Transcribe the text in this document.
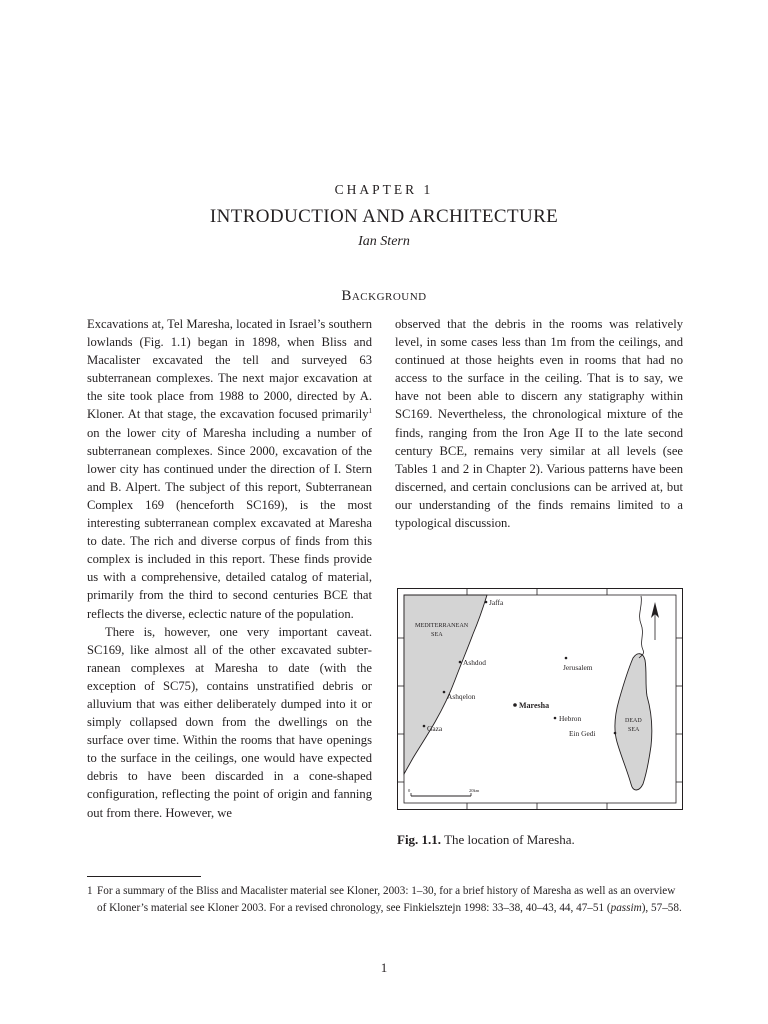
CHAPTER 1
INTRODUCTION AND ARCHITECTURE
Ian Stern
Background

Excavations at, Tel Maresha, located in Israel’s southern lowlands (Fig. 1.1) began in 1898, when Bliss and Macalister excavated the tell and surveyed 63 subterranean complexes. The next major excavation at the site took place from 1988 to 2000, directed by A. Kloner. At that stage, the excavation focused primarily$^1$ on the lower city of Maresha including a number of subterranean complexes. Since 2000, excavation of the lower city has continued under the direction of I. Stern and B. Alpert. The subject of this report, Subterranean Complex 169 (henceforth SC169), is the most interesting subterranean complex excavated at Maresha to date. The rich and diverse corpus of finds from this complex is included in this report. These finds provide us with a comprehensive, detailed catalog of material, primarily from the third to second centuries BCE that reflects the diverse, eclectic nature of the population.

There is, however, one very important caveat. SC169, like almost all of the other excavated subterranean complexes at Maresha to date (with the exception of SC75), contains unstratified debris or alluvium that was either deliberately dumped into it or simply collapsed down from the dwellings on the surface over time. Within the rooms that have openings to the surface in the ceilings, one would have expected debris to have been discarded in a cone-shaped configuration, reflecting the point of origin and fanning out from there. However, we

observed that the debris in the rooms was relatively level, in some cases less than 1m from the ceilings, and continued at those heights even in rooms that had no access to the surface in the ceiling. That is to say, we have not been able to discern any statigraphy within SC169. Nevertheless, the chronological mixture of the finds, ranging from the Iron Age II to the late second century BCE, remains very similar at all levels (see Tables 1 and 2 in Chapter 2). Various patterns have been discerned, and certain conclusions can be arrived at, but our understanding of the finds remains limited to a typological discussion.

MEDITERRANEAN
SEA
DEAD
SEA
Jaffa
Ashdod
Jerusalem
Ashqelon
Maresha
Hebron
Ein Gedi
Gaza
0	20km
Fig. 1.1. The location of Maresha.
1 For a summary of the Bliss and Macalister material see Kloner, 2003: 1–30, for a brief history of Maresha as well as an overview of Kloner’s material see Kloner 2003. For a revised chronology, see Finkielsztejn 1998: 33–38, 40–43, 44, 47–51 (passim), 57–58.
1
